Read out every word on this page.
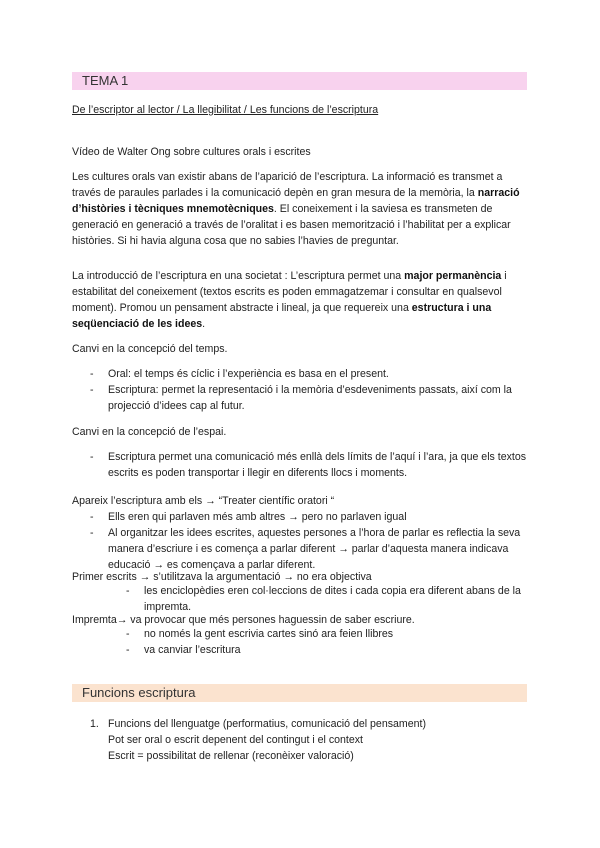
TEMA 1
De l’escriptor al lector / La llegibilitat / Les funcions de l’escriptura
Vídeo de Walter Ong sobre cultures orals i escrites

Les cultures orals van existir abans de l’aparició de l’escriptura. La informació es transmet a través de paraules parlades i la comunicació depèn en gran mesura de la memòria, la narració d’històries i tècniques mnemotècniques. El coneixement i la saviesa es transmeten de generació en generació a través de l’oralitat i es basen memorització i l’habilitat per a explicar històries. Si hi havia alguna cosa que no sabies l’havies de preguntar.

La introducció de l’escriptura en una societat : L’escriptura permet una major permanència i estabilitat del coneixement (textos escrits es poden emmagatzemar i consultar en qualsevol moment). Promou un pensament abstracte i lineal, ja que requereix una estructura i una seqüenciació de les idees.

Canvi en la concepció del temps.
- Oral: el temps és cíclic i l’experiència es basa en el present.
- Escriptura: permet la representació i la memòria d’esdeveniments passats, així com la projecció d’idees cap al futur.
Canvi en la concepció de l’espai.
- Escriptura permet una comunicació més enllà dels límits de l’aquí i l’ara, ja que els textos escrits es poden transportar i llegir en diferents llocs i moments.
Apareix l’escriptura amb els → “Treater científic oratori “
- Ells eren qui parlaven més amb altres → pero no parlaven igual
- Al organitzar les idees escrites, aquestes persones a l’hora de parlar es reflectia la seva manera d’escriure i es comença a parlar diferent → parlar d’aquesta manera indicava educació → es començava a parlar diferent.
Primer escrits → s’utilitzava la argumentació → no era objectiva
- les enciclopèdies eren col·leccions de dites i cada copia era diferent abans de la impremta.
Impremta→ va provocar que més persones haguessin de saber escriure.
- no només la gent escrivia cartes sinó ara feien llibres
- va canviar l’escritura
Funcions escriptura
1. Funcions del llenguatge (performatius, comunicació del pensament)
Pot ser oral o escrit depenent del contingut i el context
Escrit = possibilitat de rellenar (reconèixer valoració)
